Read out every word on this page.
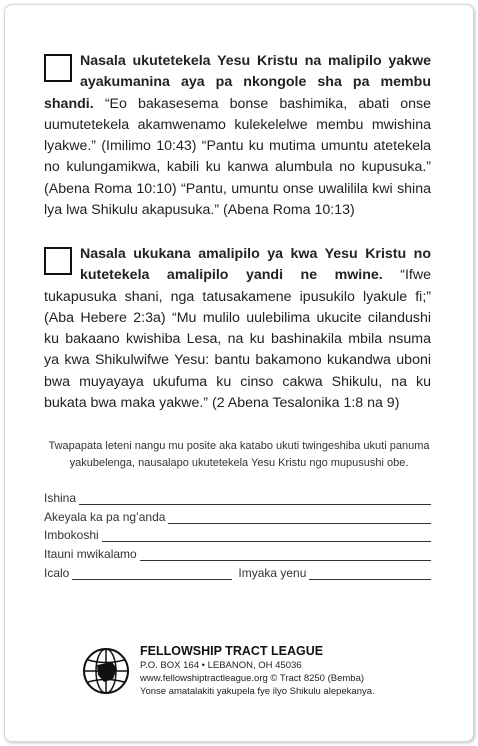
Nasala ukutetekela Yesu Kristu na malipilo yakwe ayakumanina aya pa nkongole sha pa membu shandi. “Eo bakasesema bonse bashimika, abati onse uumutetekela akamwenamo kulekelelwe membu mwishina lyakwe.” (Imilimo 10:43) “Pantu ku mutima umuntu atetekela no kulungamikwa, kabili ku kanwa alumbula no kupusuka.” (Abena Roma 10:10) “Pantu, umuntu onse uwalilila kwi shina lya lwa Shikulu akapusuka.” (Abena Roma 10:13)
Nasala ukukana amalipilo ya kwa Yesu Kristu no kutetekela amalipilo yandi ne mwine. “Ifwe tukapusuka shani, nga tatusakamene ipusukilo lyakule fi;” (Aba Hebere 2:3a) “Mu mulilo uulebilima ukucite cilandushi ku bakaano kwishiba Lesa, na ku bashinakila mbila nsuma ya kwa Shikulwifwe Yesu: bantu bakamono kukandwa uboni bwa muyayaya ukufuma ku cinso cakwa Shikulu, na ku bukata bwa maka yakwe.” (2 Abena Tesalonika 1:8 na 9)
Twapapata leteni nangu mu posite aka katabo ukuti twingeshiba ukuti panuma yakubelenga, nausalapo ukutetekela Yesu Kristu ngo mupusushi obe.
Ishina
Akeyala ka pa ng’anda
Imbokoshi
Itauni mwikalamo
Icalo	Imyaka yenu
FELLOWSHIP TRACT LEAGUE
P.O. BOX 164 • LEBANON, OH 45036
www.fellowshiptractleague.org © Tract 8250 (Bemba)
Yonse amatalakiti yakupela fye ilyo Shikulu alepekanya.
